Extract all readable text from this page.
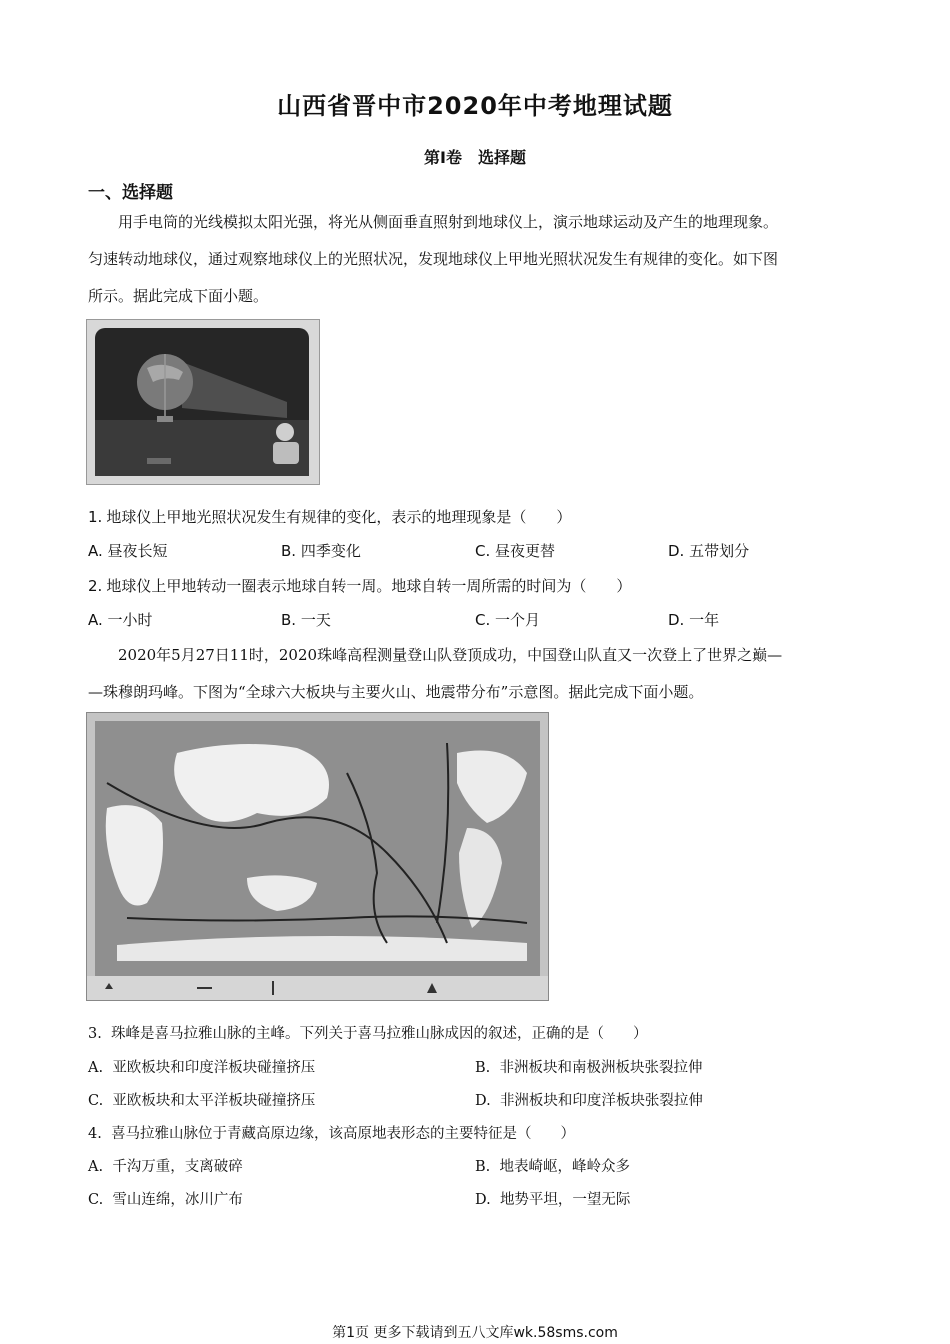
山西省晋中市2020年中考地理试题
第Ⅰ卷　选择题
一、选择题
用手电筒的光线模拟太阳光强，将光从侧面垂直照射到地球仪上，演示地球运动及产生的地理现象。
匀速转动地球仪，通过观察地球仪上的光照状况，发现地球仪上甲地光照状况发生有规律的变化。如下图
所示。据此完成下面小题。
1. 地球仪上甲地光照状况发生有规律的变化，表示的地理现象是（　　）
A. 昼夜长短	B. 四季变化	C. 昼夜更替	D. 五带划分
2. 地球仪上甲地转动一圈表示地球自转一周。地球自转一周所需的时间为（　　）
A. 一小时	B. 一天	C. 一个月	D. 一年
2020年5月27日11时，2020珠峰高程测量登山队登顶成功，中国登山队直又一次登上了世界之巅—
—珠穆朗玛峰。下图为“全球六大板块与主要火山、地震带分布”示意图。据此完成下面小题。
3. 珠峰是喜马拉雅山脉的主峰。下列关于喜马拉雅山脉成因的叙述，正确的是（　　）
A. 亚欧板块和印度洋板块碰撞挤压	B. 非洲板块和南极洲板块张裂拉伸
C. 亚欧板块和太平洋板块碰撞挤压	D. 非洲板块和印度洋板块张裂拉伸
4. 喜马拉雅山脉位于青藏高原边缘，该高原地表形态的主要特征是（　　）
A. 千沟万重，支离破碎	B. 地表崎岖，峰岭众多
C. 雪山连绵，冰川广布	D. 地势平坦，一望无际
第1页 更多下载请到五八文库wk.58sms.com
